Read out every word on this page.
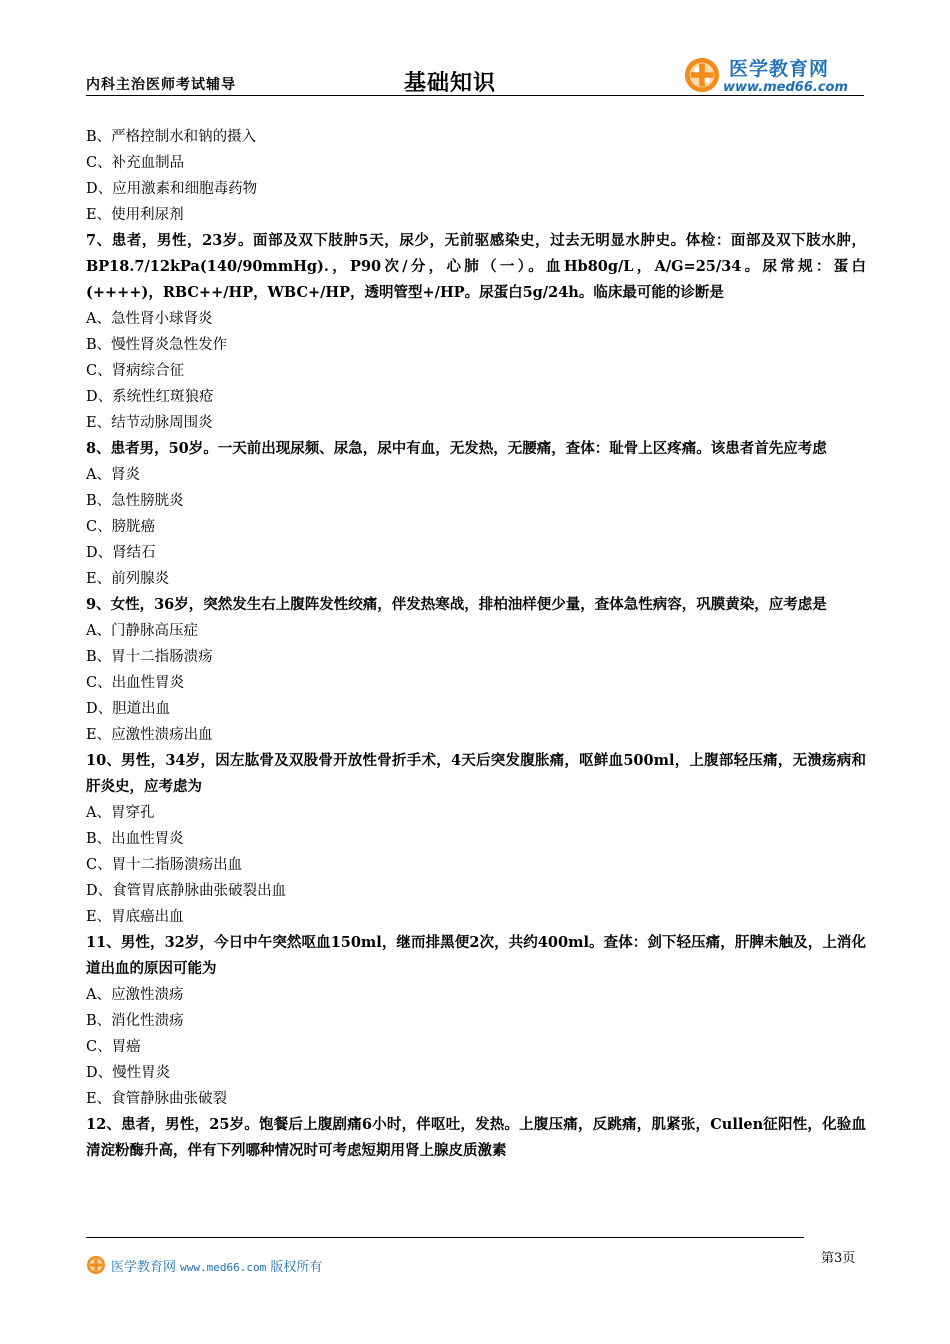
内科主治医师考试辅导	基础知识
医学教育网
www.med66.com
B、严格控制水和钠的摄入
C、补充血制品
D、应用激素和细胞毒药物
E、使用利尿剂
7、患者，男性，23岁。面部及双下肢肿5天，尿少，无前驱感染史，过去无明显水肿史。体检：面部及双下肢水肿，BP18.7/12kPa(140/90mmHg).，P90次/分，心肺（一）。血Hb80g/L，A/G=25/34。尿常规：蛋白(++++)，RBC++/HP，WBC+/HP，透明管型+/HP。尿蛋白5g/24h。临床最可能的诊断是
A、急性肾小球肾炎
B、慢性肾炎急性发作
C、肾病综合征
D、系统性红斑狼疮
E、结节动脉周围炎
8、患者男，50岁。一天前出现尿频、尿急，尿中有血，无发热，无腰痛，查体：耻骨上区疼痛。该患者首先应考虑
A、肾炎
B、急性膀胱炎
C、膀胱癌
D、肾结石
E、前列腺炎
9、女性，36岁，突然发生右上腹阵发性绞痛，伴发热寒战，排柏油样便少量，查体急性病容，巩膜黄染，应考虑是
A、门静脉高压症
B、胃十二指肠溃疡
C、出血性胃炎
D、胆道出血
E、应激性溃疡出血
10、男性，34岁，因左肱骨及双股骨开放性骨折手术，4天后突发腹胀痛，呕鲜血500ml，上腹部轻压痛，无溃疡病和肝炎史，应考虑为
A、胃穿孔
B、出血性胃炎
C、胃十二指肠溃疡出血
D、食管胃底静脉曲张破裂出血
E、胃底癌出血
11、男性，32岁，今日中午突然呕血150ml，继而排黑便2次，共约400ml。查体：剑下轻压痛，肝脾未触及，上消化道出血的原因可能为
A、应激性溃疡
B、消化性溃疡
C、胃癌
D、慢性胃炎
E、食管静脉曲张破裂
12、患者，男性，25岁。饱餐后上腹剧痛6小时，伴呕吐，发热。上腹压痛，反跳痛，肌紧张，Cullen征阳性，化验血清淀粉酶升高，伴有下列哪种情况时可考虑短期用肾上腺皮质激素
医学教育网 www.med66.com 版权所有
第3页
